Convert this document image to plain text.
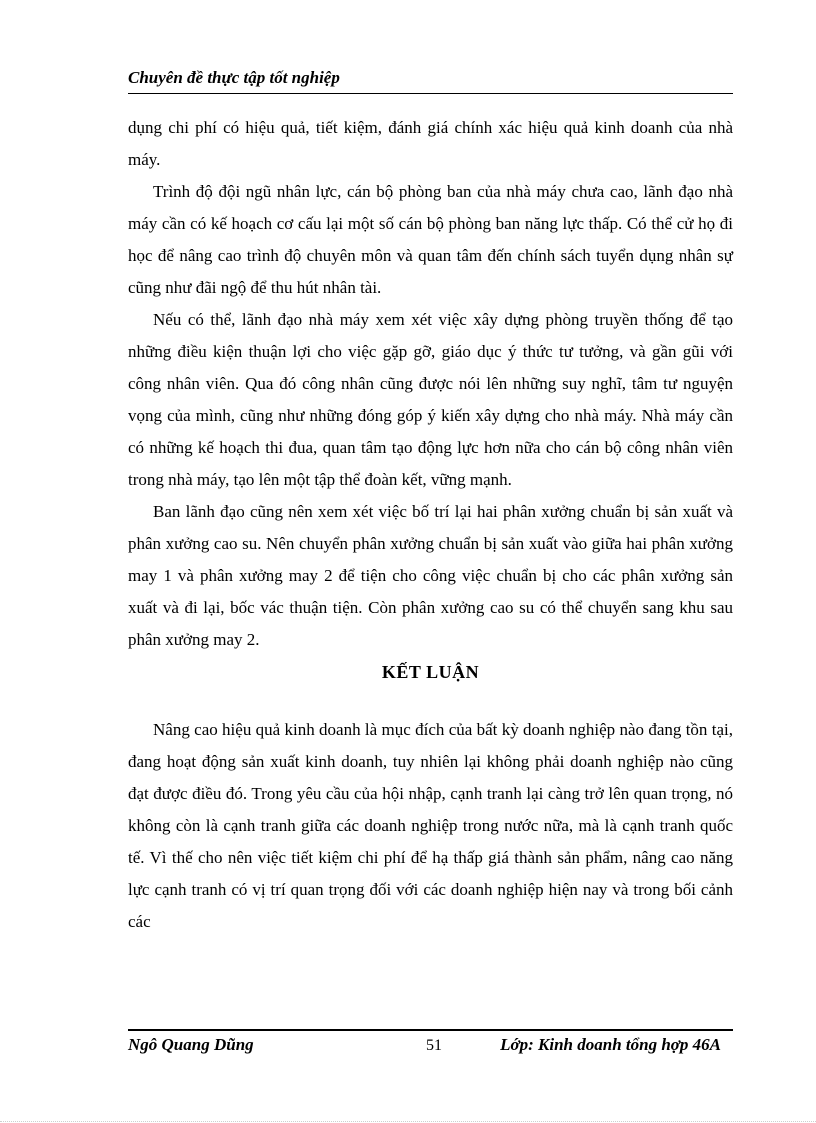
Chuyên đề thực tập tốt nghiệp

dụng chi phí có hiệu quả, tiết kiệm, đánh giá chính xác hiệu quả kinh doanh của nhà máy.

Trình độ đội ngũ nhân lực, cán bộ phòng ban của nhà máy chưa cao, lãnh đạo nhà máy cần có kế hoạch cơ cấu lại một số cán bộ phòng ban năng lực thấp. Có thể cử họ đi học để nâng cao trình độ chuyên môn và quan tâm đến chính sách tuyển dụng nhân sự cũng như đãi ngộ để thu hút nhân tài.

Nếu có thể, lãnh đạo nhà máy xem xét việc xây dựng phòng truyền thống để tạo những điều kiện thuận lợi cho việc gặp gỡ, giáo dục ý thức tư tưởng, và gần gũi với công nhân viên. Qua đó công nhân cũng được nói lên những suy nghĩ, tâm tư nguyện vọng của mình, cũng như những đóng góp ý kiến xây dựng cho nhà máy. Nhà máy cần có những kế hoạch thi đua, quan tâm tạo động lực hơn nữa cho cán bộ công nhân viên trong nhà máy, tạo lên một tập thể đoàn kết, vững mạnh.

Ban lãnh đạo cũng nên xem xét việc bố trí lại hai phân xưởng chuẩn bị sản xuất và phân xưởng cao su. Nên chuyển phân xưởng chuẩn bị sản xuất vào giữa hai phân xưởng may 1 và phân xưởng may 2 để tiện cho công việc chuẩn bị cho các phân xưởng sản xuất và đi lại, bốc vác thuận tiện. Còn phân xưởng cao su có thể chuyển sang khu sau phân xưởng may 2.

KẾT LUẬN

Nâng cao hiệu quả kinh doanh là mục đích của bất kỳ doanh nghiệp nào đang tồn tại, đang hoạt động sản xuất kinh doanh, tuy nhiên lại không phải doanh nghiệp nào cũng đạt được điều đó. Trong yêu cầu của hội nhập, cạnh tranh lại càng trở lên quan trọng, nó không còn là cạnh tranh giữa các doanh nghiệp trong nước nữa, mà là cạnh tranh quốc tế. Vì thế cho nên việc tiết kiệm chi phí để hạ thấp giá thành sản phẩm, nâng cao năng lực cạnh tranh có vị trí quan trọng đối với các doanh nghiệp hiện nay và trong bối cảnh các

Ngô Quang Dũng	51	Lớp: Kinh doanh tổng hợp 46A
